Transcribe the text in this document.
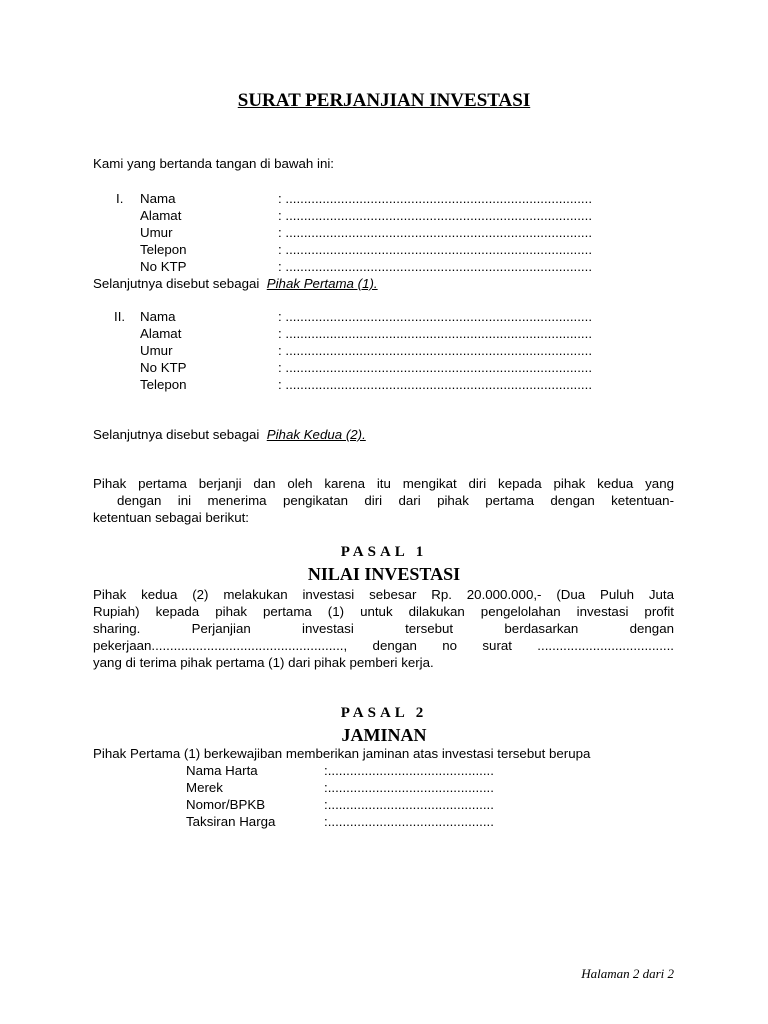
SURAT PERJANJIAN INVESTASI
Kami yang bertanda tangan di bawah ini:
I. Nama	: ...................................................................................
Alamat	: ...................................................................................
Umur	: ...................................................................................
Telepon	: ...................................................................................
No KTP	: ...................................................................................
Selanjutnya disebut sebagai Pihak Pertama (1).
II. Nama	: ...................................................................................
Alamat	: ...................................................................................
Umur	: ...................................................................................
No KTP	: ...................................................................................
Telepon	: ...................................................................................
Selanjutnya disebut sebagai Pihak Kedua (2).
Pihak pertama berjanji dan oleh karena itu mengikat diri kepada pihak kedua yang
dengan ini menerima pengikatan diri dari pihak pertama dengan ketentuan-
ketentuan sebagai berikut:
PASAL 1
NILAI INVESTASI
Pihak kedua (2) melakukan investasi sebesar Rp. 20.000.000,- (Dua Puluh Juta
Rupiah) kepada pihak pertama (1) untuk dilakukan pengelolahan investasi profit
sharing. Perjanjian investasi tersebut berdasarkan dengan
pekerjaan...................................................., dengan no surat .....................................
yang di terima pihak pertama (1) dari pihak pemberi kerja.
PASAL 2
JAMINAN
Pihak Pertama (1) berkewajiban memberikan jaminan atas investasi tersebut berupa
Nama Harta	:.............................................
Merek	:.............................................
Nomor/BPKB	:.............................................
Taksiran Harga	:.............................................
Halaman 2 dari 2
